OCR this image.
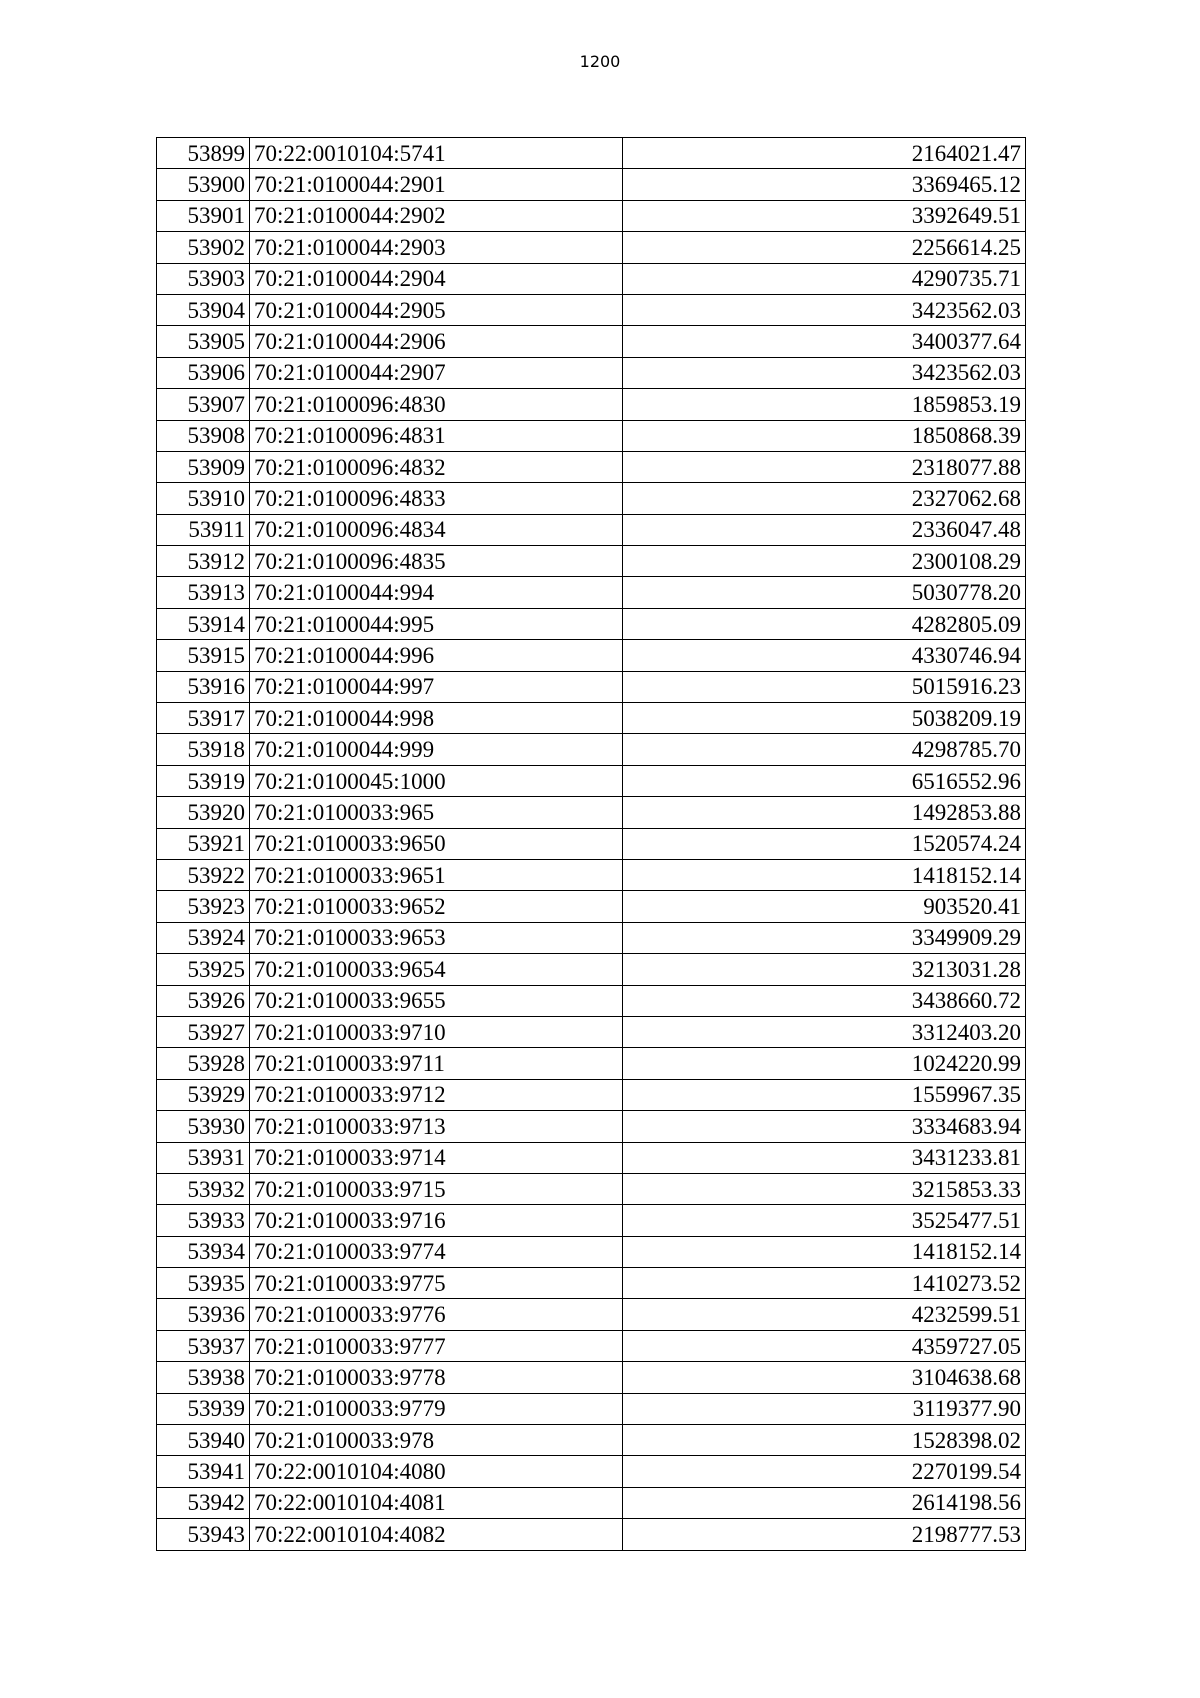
1200
53899	70:22:0010104:5741	2164021.47
53900	70:21:0100044:2901	3369465.12
53901	70:21:0100044:2902	3392649.51
53902	70:21:0100044:2903	2256614.25
53903	70:21:0100044:2904	4290735.71
53904	70:21:0100044:2905	3423562.03
53905	70:21:0100044:2906	3400377.64
53906	70:21:0100044:2907	3423562.03
53907	70:21:0100096:4830	1859853.19
53908	70:21:0100096:4831	1850868.39
53909	70:21:0100096:4832	2318077.88
53910	70:21:0100096:4833	2327062.68
53911	70:21:0100096:4834	2336047.48
53912	70:21:0100096:4835	2300108.29
53913	70:21:0100044:994	5030778.20
53914	70:21:0100044:995	4282805.09
53915	70:21:0100044:996	4330746.94
53916	70:21:0100044:997	5015916.23
53917	70:21:0100044:998	5038209.19
53918	70:21:0100044:999	4298785.70
53919	70:21:0100045:1000	6516552.96
53920	70:21:0100033:965	1492853.88
53921	70:21:0100033:9650	1520574.24
53922	70:21:0100033:9651	1418152.14
53923	70:21:0100033:9652	903520.41
53924	70:21:0100033:9653	3349909.29
53925	70:21:0100033:9654	3213031.28
53926	70:21:0100033:9655	3438660.72
53927	70:21:0100033:9710	3312403.20
53928	70:21:0100033:9711	1024220.99
53929	70:21:0100033:9712	1559967.35
53930	70:21:0100033:9713	3334683.94
53931	70:21:0100033:9714	3431233.81
53932	70:21:0100033:9715	3215853.33
53933	70:21:0100033:9716	3525477.51
53934	70:21:0100033:9774	1418152.14
53935	70:21:0100033:9775	1410273.52
53936	70:21:0100033:9776	4232599.51
53937	70:21:0100033:9777	4359727.05
53938	70:21:0100033:9778	3104638.68
53939	70:21:0100033:9779	3119377.90
53940	70:21:0100033:978	1528398.02
53941	70:22:0010104:4080	2270199.54
53942	70:22:0010104:4081	2614198.56
53943	70:22:0010104:4082	2198777.53
